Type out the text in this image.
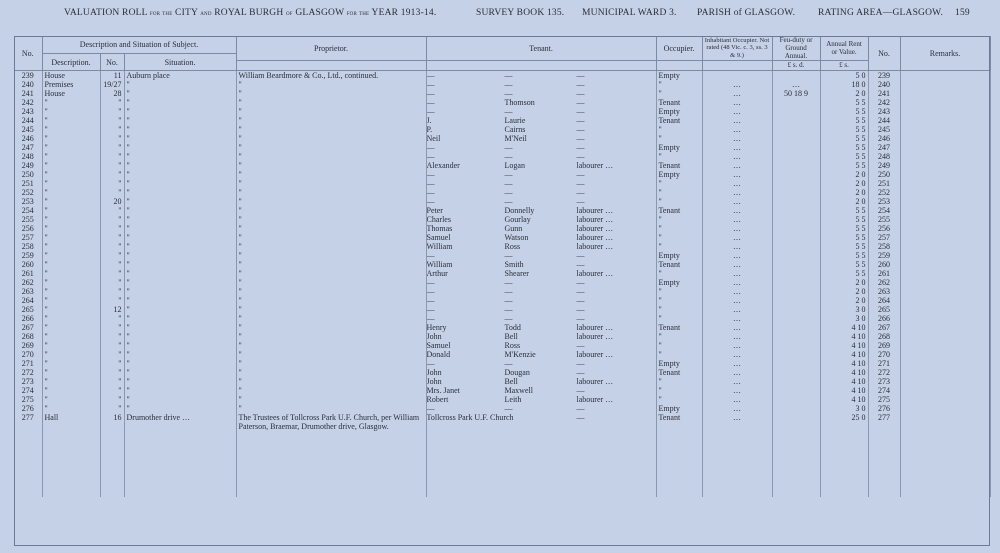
VALUATION ROLL for the CITY and ROYAL BURGH of GLASGOW for the YEAR 1913-14.	SURVEY BOOK 135. MUNICIPAL WARD 3. PARISH of GLASGOW. RATING AREA—GLASGOW. 159
No.	Description and Situation of Subject.			Proprietor.	Tenant.	Occupier.	Inhabitant Occupier. Not rated (48 Vic. c. 3, ss. 3 & 9.)	Feu-duty or Ground Annual.	Annual Rent or Value.	No.	Remarks.
	Description.	No.	Situation.								
								£ s. d.	£ s.		
239	House	11	Auburn place	William Beardmore & Co., Ltd., continued.	— — —	Empty			5 0	239	
240	Premises	19/27	"	"	— — —	"	…	…	18 0	240	
241	House	28	"	"	— — —	"	…	50 18 9	2 0	241	
242	"	"	"	"	— Thomson —	Tenant	…		5 5	242	
243	"	"	"	"	— — —	Empty	…		5 5	243	
244	"	"	"	"	J. Laurie —	Tenant	…		5 5	244	
245	"	"	"	"	P. Cairns —	"	…		5 5	245	
246	"	"	"	"	Neil M'Neil —	"	…		5 5	246	
247	"	"	"	"	— — —	Empty	…		5 5	247	
248	"	"	"	"	— — —	"	…		5 5	248	
249	"	"	"	"	Alexander Logan labourer …	Tenant	…		5 5	249	
250	"	"	"	"	— — —	Empty	…		2 0	250	
251	"	"	"	"	— — —	"	…		2 0	251	
252	"	"	"	"	— — —	"	…		2 0	252	
253	"	20	"	"	— — —	"	…		2 0	253	
254	"	"	"	"	Peter Donnelly labourer …	Tenant	…		5 5	254	
255	"	"	"	"	Charles Gourlay labourer …	"	…		5 5	255	
256	"	"	"	"	Thomas Gunn labourer …	"	…		5 5	256	
257	"	"	"	"	Samuel Watson labourer …	"	…		5 5	257	
258	"	"	"	"	William Ross labourer …	"	…		5 5	258	
259	"	"	"	"	— — —	Empty	…		5 5	259	
260	"	"	"	"	William Smith —	Tenant	…		5 5	260	
261	"	"	"	"	Arthur Shearer labourer …	"	…		5 5	261	
262	"	"	"	"	— — —	Empty	…		2 0	262	
263	"	"	"	"	— — —	"	…		2 0	263	
264	"	"	"	"	— — —	"	…		2 0	264	
265	"	12	"	"	— — —	"	…		3 0	265	
266	"	"	"	"	— — —	"	…		3 0	266	
267	"	"	"	"	Henry Todd labourer …	Tenant	…		4 10	267	
268	"	"	"	"	John Bell labourer …	"	…		4 10	268	
269	"	"	"	"	Samuel Ross —	"	…		4 10	269	
270	"	"	"	"	Donald M'Kenzie labourer …	"	…		4 10	270	
271	"	"	"	"	— — —	Empty	…		4 10	271	
272	"	"	"	"	John Dougan —	Tenant	…		4 10	272	
273	"	"	"	"	John Bell labourer …	"	…		4 10	273	
274	"	"	"	"	Mrs. Janet Maxwell —	"	…		4 10	274	
275	"	"	"	"	Robert Leith labourer …	"	…		4 10	275	
276	"	"	"	"	— — —	Empty	…		3 0	276	
277	Hall	16	Drumother drive …	The Trustees of Tollcross Park U.F. Church, per William Paterson, Braemar, Drumother drive, Glasgow.	Tollcross Park U.F. Church —	Tenant	…		25 0	277	
